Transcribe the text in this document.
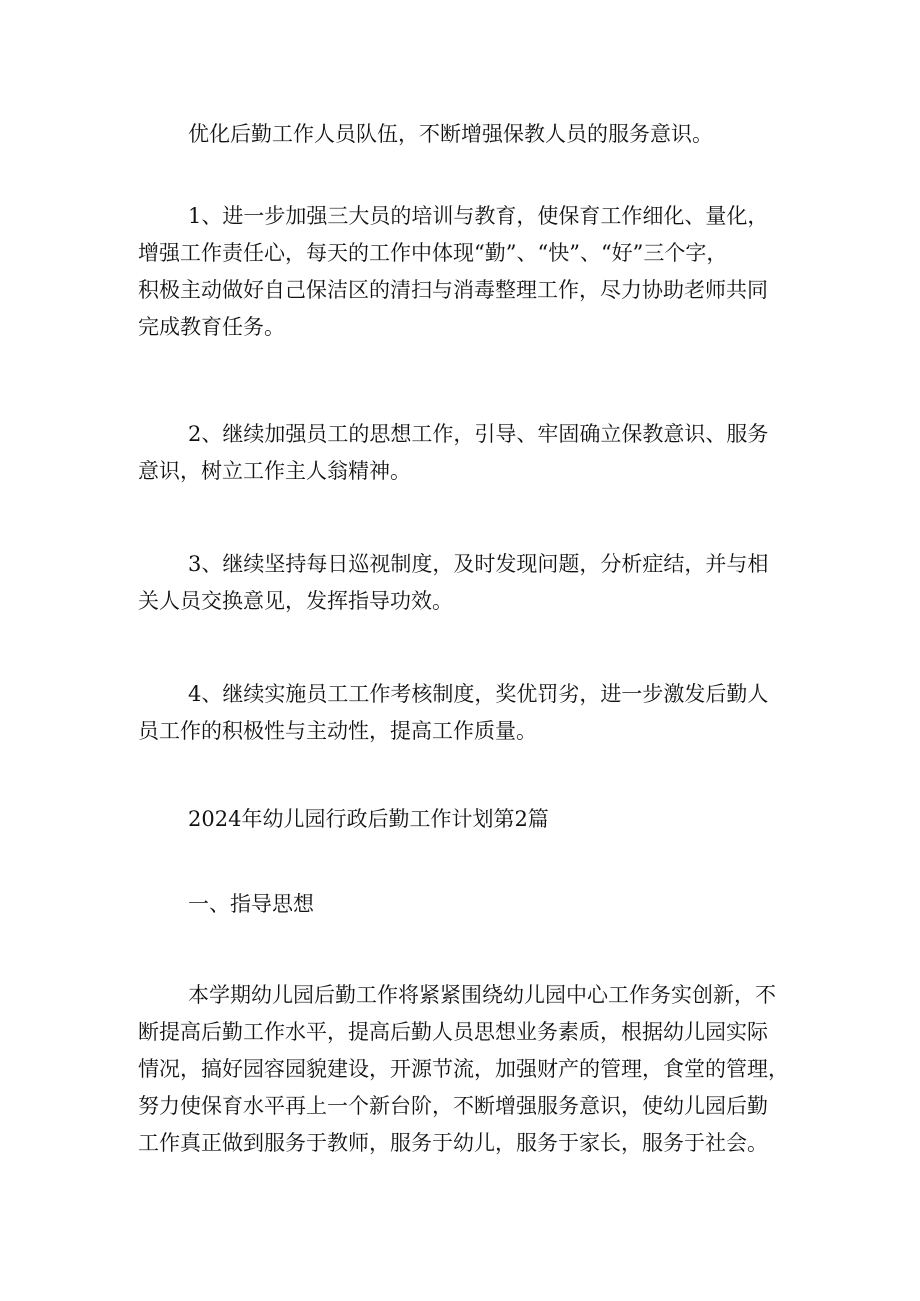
优化后勤工作人员队伍，不断增强保教人员的服务意识。
1、进一步加强三大员的培训与教育，使保育工作细化、量化，
增强工作责任心，每天的工作中体现“勤”、“快”、“好”三个字，
积极主动做好自己保洁区的清扫与消毒整理工作，尽力协助老师共同
完成教育任务。
2、继续加强员工的思想工作，引导、牢固确立保教意识、服务
意识，树立工作主人翁精神。
3、继续坚持每日巡视制度，及时发现问题，分析症结，并与相
关人员交换意见，发挥指导功效。
4、继续实施员工工作考核制度，奖优罚劣，进一步激发后勤人
员工作的积极性与主动性，提高工作质量。
2024年幼儿园行政后勤工作计划第2篇
一、指导思想
本学期幼儿园后勤工作将紧紧围绕幼儿园中心工作务实创新，不
断提高后勤工作水平，提高后勤人员思想业务素质，根据幼儿园实际
情况，搞好园容园貌建设，开源节流，加强财产的管理，食堂的管理，
努力使保育水平再上一个新台阶，不断增强服务意识，使幼儿园后勤
工作真正做到服务于教师，服务于幼儿，服务于家长，服务于社会。
